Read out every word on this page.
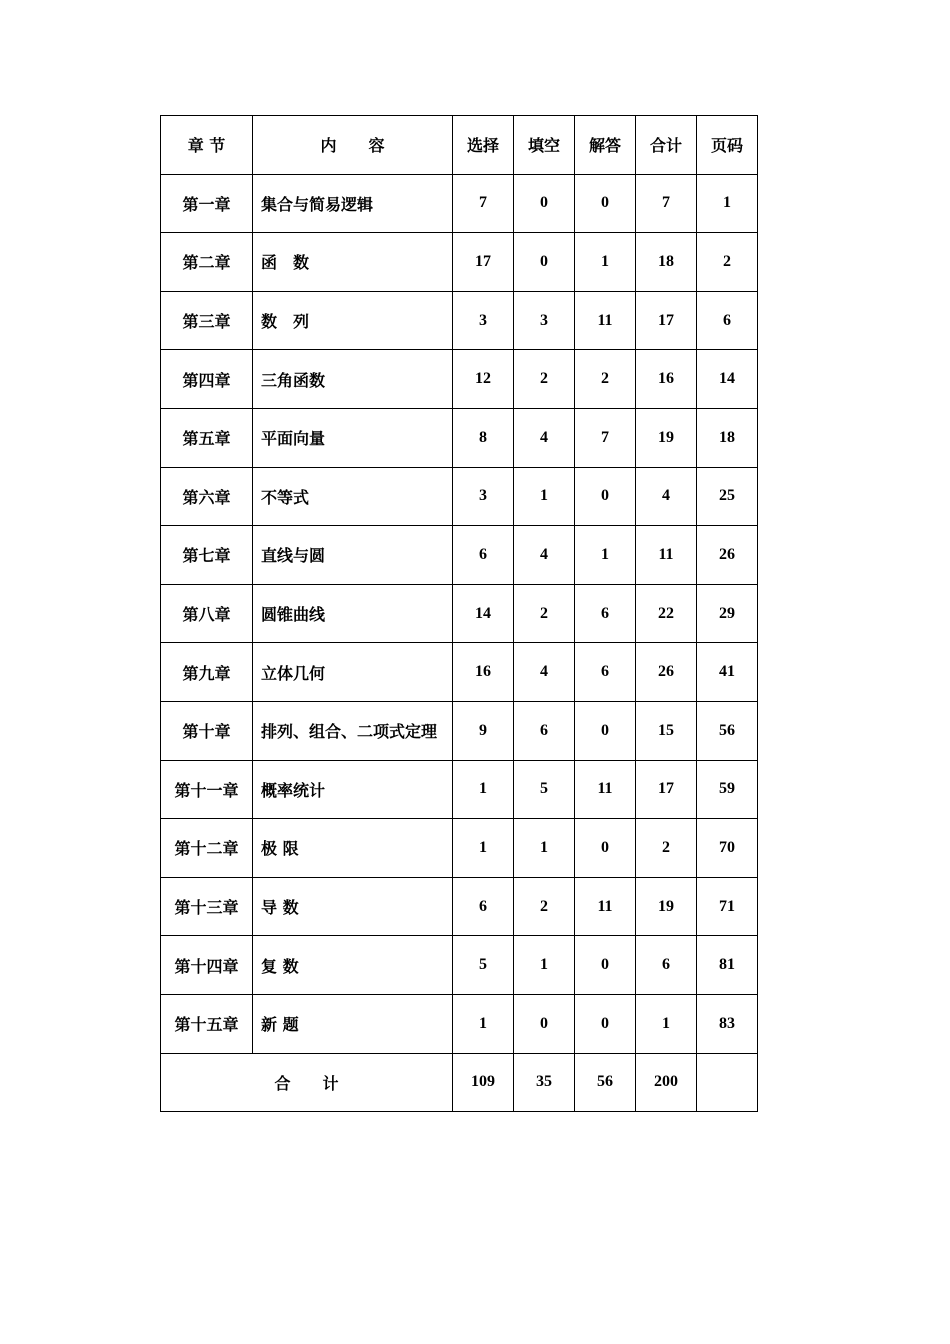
章 节	内　　容	选择	填空	解答	合计	页码
第一章	集合与简易逻辑	7	0	0	7	1
第二章	函　数	17	0	1	18	2
第三章	数　列	3	3	11	17	6
第四章	三角函数	12	2	2	16	14
第五章	平面向量	8	4	7	19	18
第六章	不等式	3	1	0	4	25
第七章	直线与圆	6	4	1	11	26
第八章	圆锥曲线	14	2	6	22	29
第九章	立体几何	16	4	6	26	41
第十章	排列、组合、二项式定理	9	6	0	15	56
第十一章	概率统计	1	5	11	17	59
第十二章	极 限	1	1	0	2	70
第十三章	导 数	6	2	11	19	71
第十四章	复 数	5	1	0	6	81
第十五章	新 题	1	0	0	1	83
合　　计		109	35	56	200	
